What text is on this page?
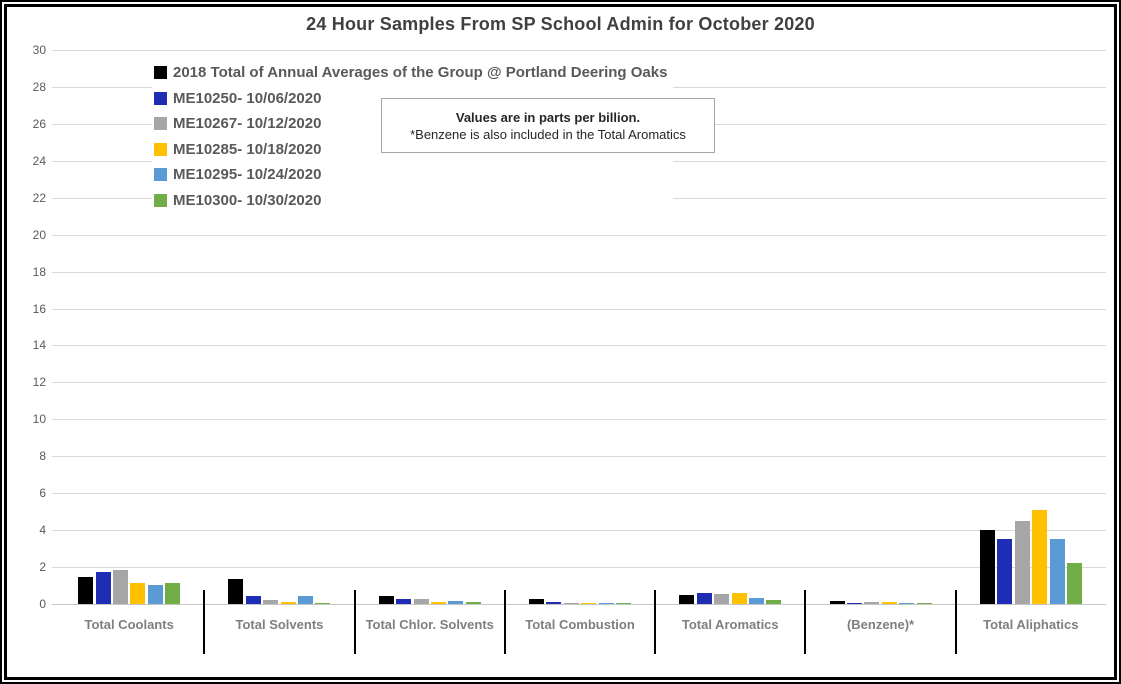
24 Hour Samples From SP School Admin for October 2020
0
2
4
6
8
10
12
14
16
18
20
22
24
26
28
30
2018 Total of Annual Averages of the Group @ Portland Deering Oaks
ME10250- 10/06/2020
ME10267- 10/12/2020
ME10285- 10/18/2020
ME10295- 10/24/2020
ME10300- 10/30/2020
Values are in parts per billion.
*Benzene is also included in the Total Aromatics
Total Coolants	Total Solvents	Total Chlor. Solvents	Total Combustion	Total Aromatics	(Benzene)*	Total Aliphatics
